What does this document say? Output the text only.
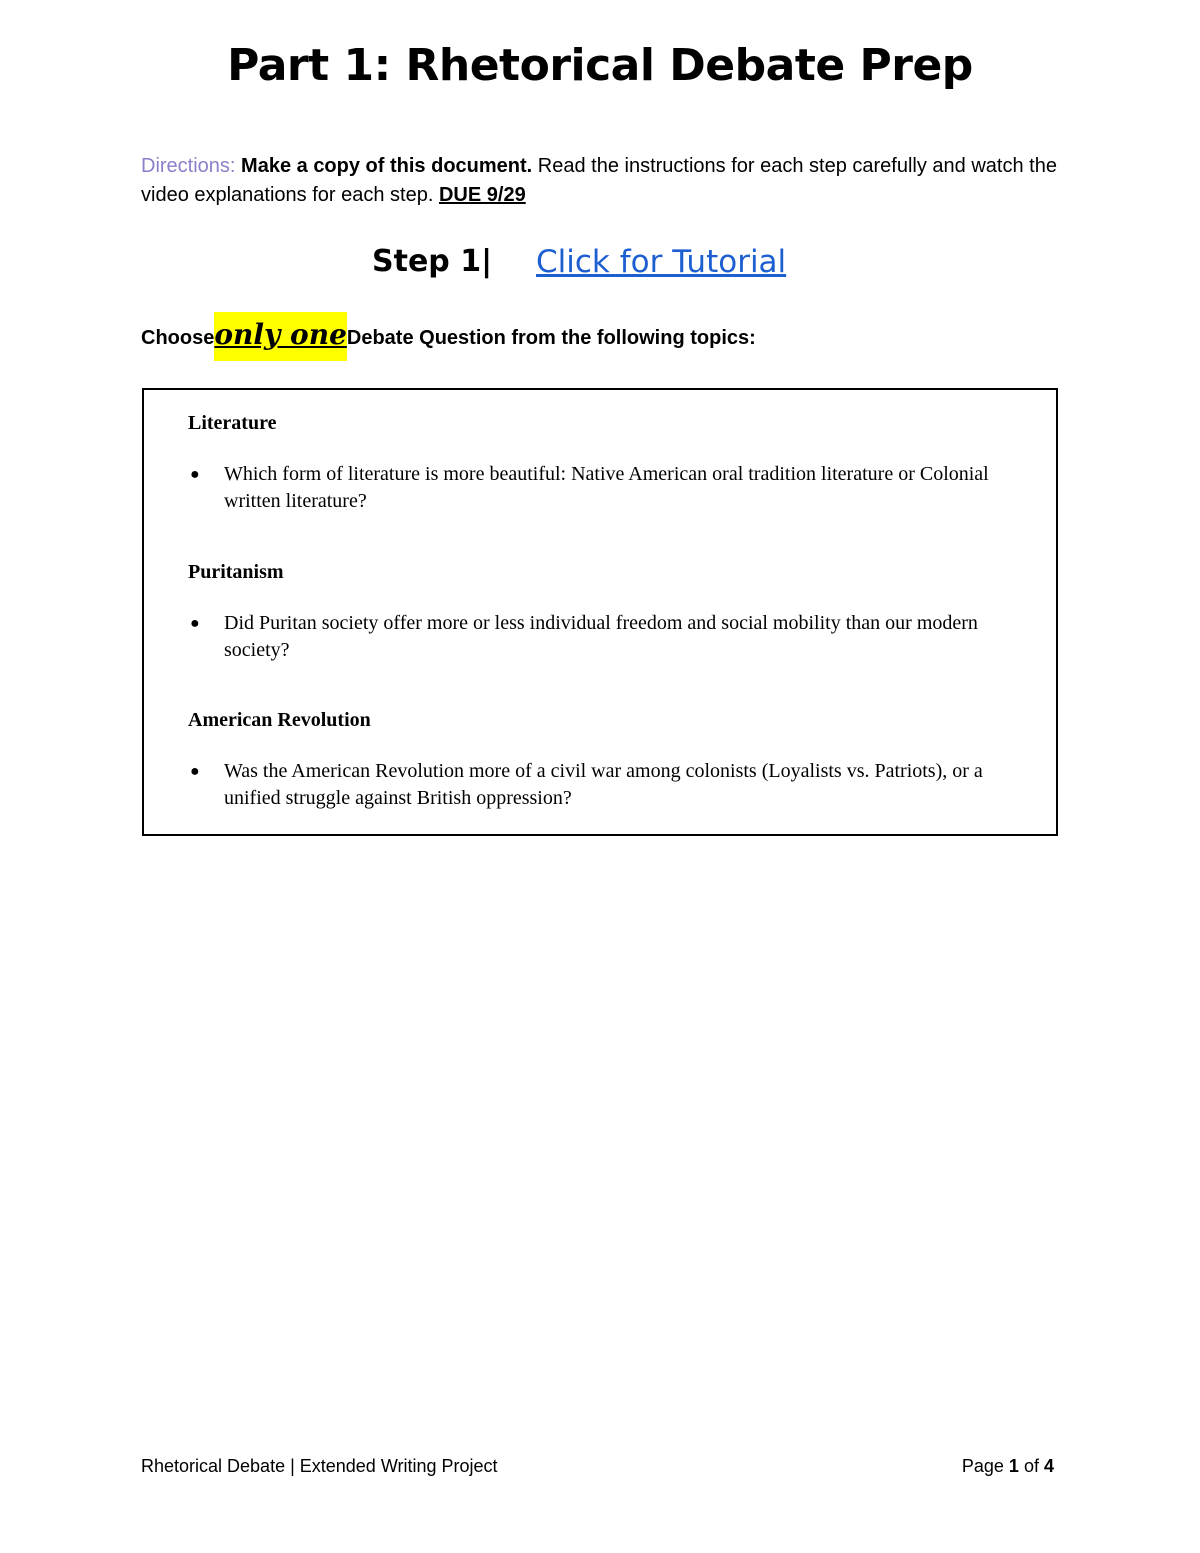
Part 1: Rhetorical Debate Prep
Directions: Make a copy of this document. Read the instructions for each step carefully and watch the video explanations for each step. DUE 9/29
Step 1| Click for Tutorial
Chooseonly oneDebate Question from the following topics:
Literature
● Which form of literature is more beautiful: Native American oral tradition literature or Colonial written literature?

Puritanism
● Did Puritan society offer more or less individual freedom and social mobility than our modern society?

American Revolution
● Was the American Revolution more of a civil war among colonists (Loyalists vs. Patriots), or a unified struggle against British oppression?
Rhetorical Debate | Extended Writing Project	Page 1 of 4
